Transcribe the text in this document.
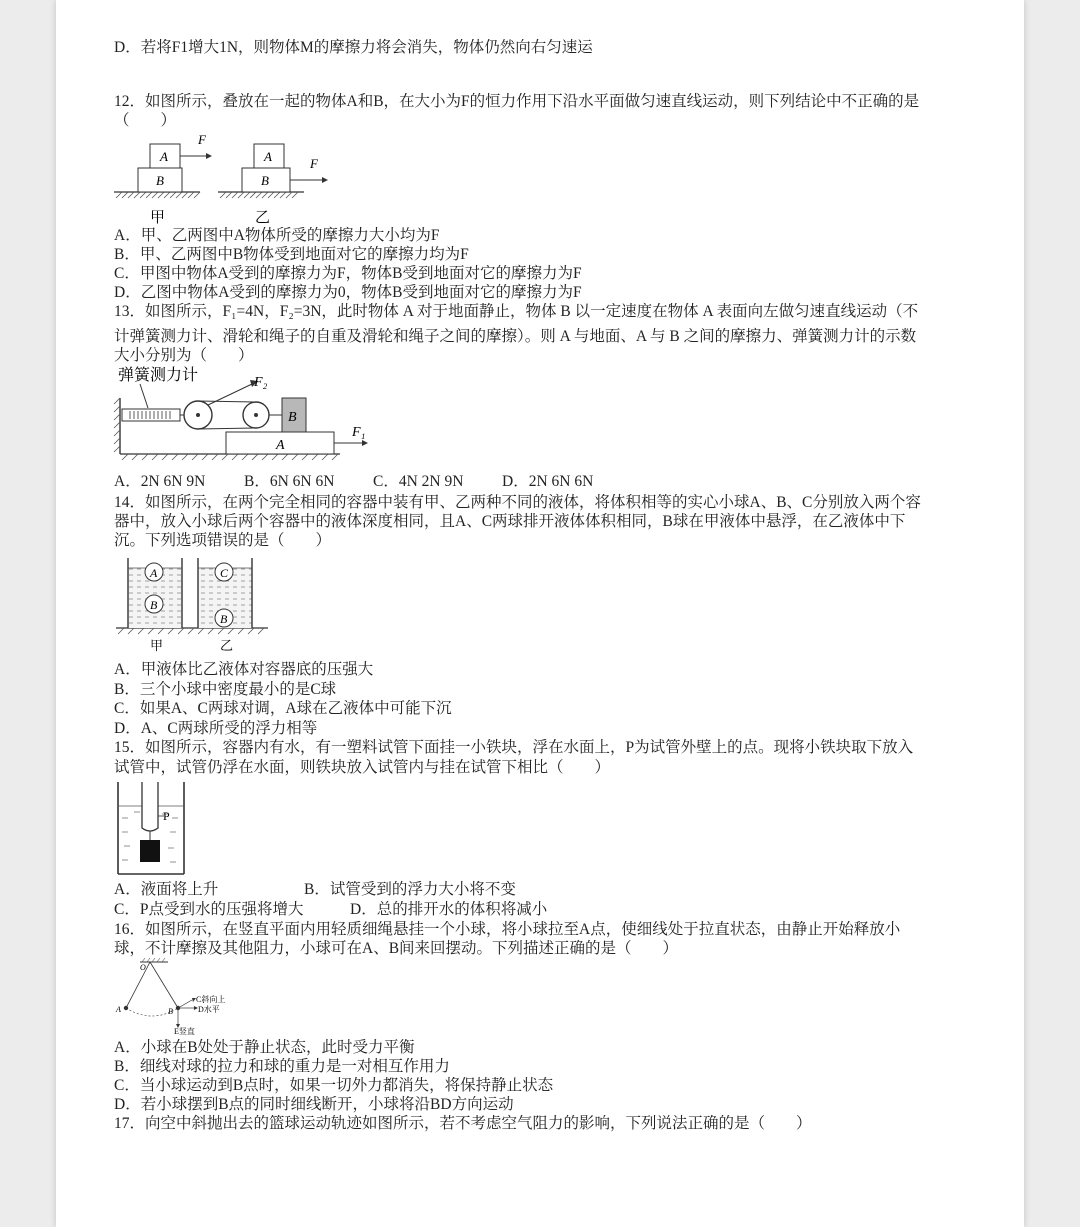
D．若将F1增大1N，则物体M的摩擦力将会消失，物体仍然向右匀速运
12．如图所示，叠放在一起的物体A和B，在大小为F的恒力作用下沿水平面做匀速直线运动，则下列结论中不正确的是
（　　）
A
B
F
A
B
F
甲	乙
A．甲、乙两图中A物体所受的摩擦力大小均为F
B．甲、乙两图中B物体受到地面对它的摩擦力均为F
C．甲图中物体A受到的摩擦力为F，物体B受到地面对它的摩擦力为F
D．乙图中物体A受到的摩擦力为0，物体B受到地面对它的摩擦力为F
13．如图所示，F₁=4N，F₂=3N，此时物体 A 对于地面静止，物体 B 以一定速度在物体 A 表面向左做匀速直线运动（不
计弹簧测力计、滑轮和绳子的自重及滑轮和绳子之间的摩擦）。则 A 与地面、A 与 B 之间的摩擦力、弹簧测力计的示数
大小分别为（　　）
弹簧测力计	F₂
B
A
F₁
A．2N 6N 9N B．6N 6N 6N C．4N 2N 9N D．2N 6N 6N
14．如图所示，在两个完全相同的容器中装有甲、乙两种不同的液体，将体积相等的实心小球A、B、C分别放入两个容
器中，放入小球后两个容器中的液体深度相同，且A、C两球排开液体体积相同，B球在甲液体中悬浮，在乙液体中下
沉。下列选项错误的是（　　）
A
B
C
B
甲	乙
A．甲液体比乙液体对容器底的压强大
B．三个小球中密度最小的是C球
C．如果A、C两球对调，A球在乙液体中可能下沉
D．A、C两球所受的浮力相等
15．如图所示，容器内有水，有一塑料试管下面挂一小铁块，浮在水面上，P为试管外壁上的点。现将小铁块取下放入
试管中，试管仍浮在水面，则铁块放入试管内与挂在试管下相比（　　）
P
A．液面将上升	B．试管受到的浮力大小将不变
C．P点受到水的压强将增大	D．总的排开水的体积将减小
16．如图所示，在竖直平面内用轻质细绳悬挂一个小球，将小球拉至A点，使细线处于拉直状态，由静止开始释放小
球，不计摩擦及其他阻力，小球可在A、B间来回摆动。下列描述正确的是（　　）
O
A	B
C斜向上
D水平
E竖直
A．小球在B处处于静止状态，此时受力平衡
B．细线对球的拉力和球的重力是一对相互作用力
C．当小球运动到B点时，如果一切外力都消失，将保持静止状态
D．若小球摆到B点的同时细线断开，小球将沿BD方向运动
17．向空中斜抛出去的篮球运动轨迹如图所示，若不考虑空气阻力的影响，下列说法正确的是（　　）
